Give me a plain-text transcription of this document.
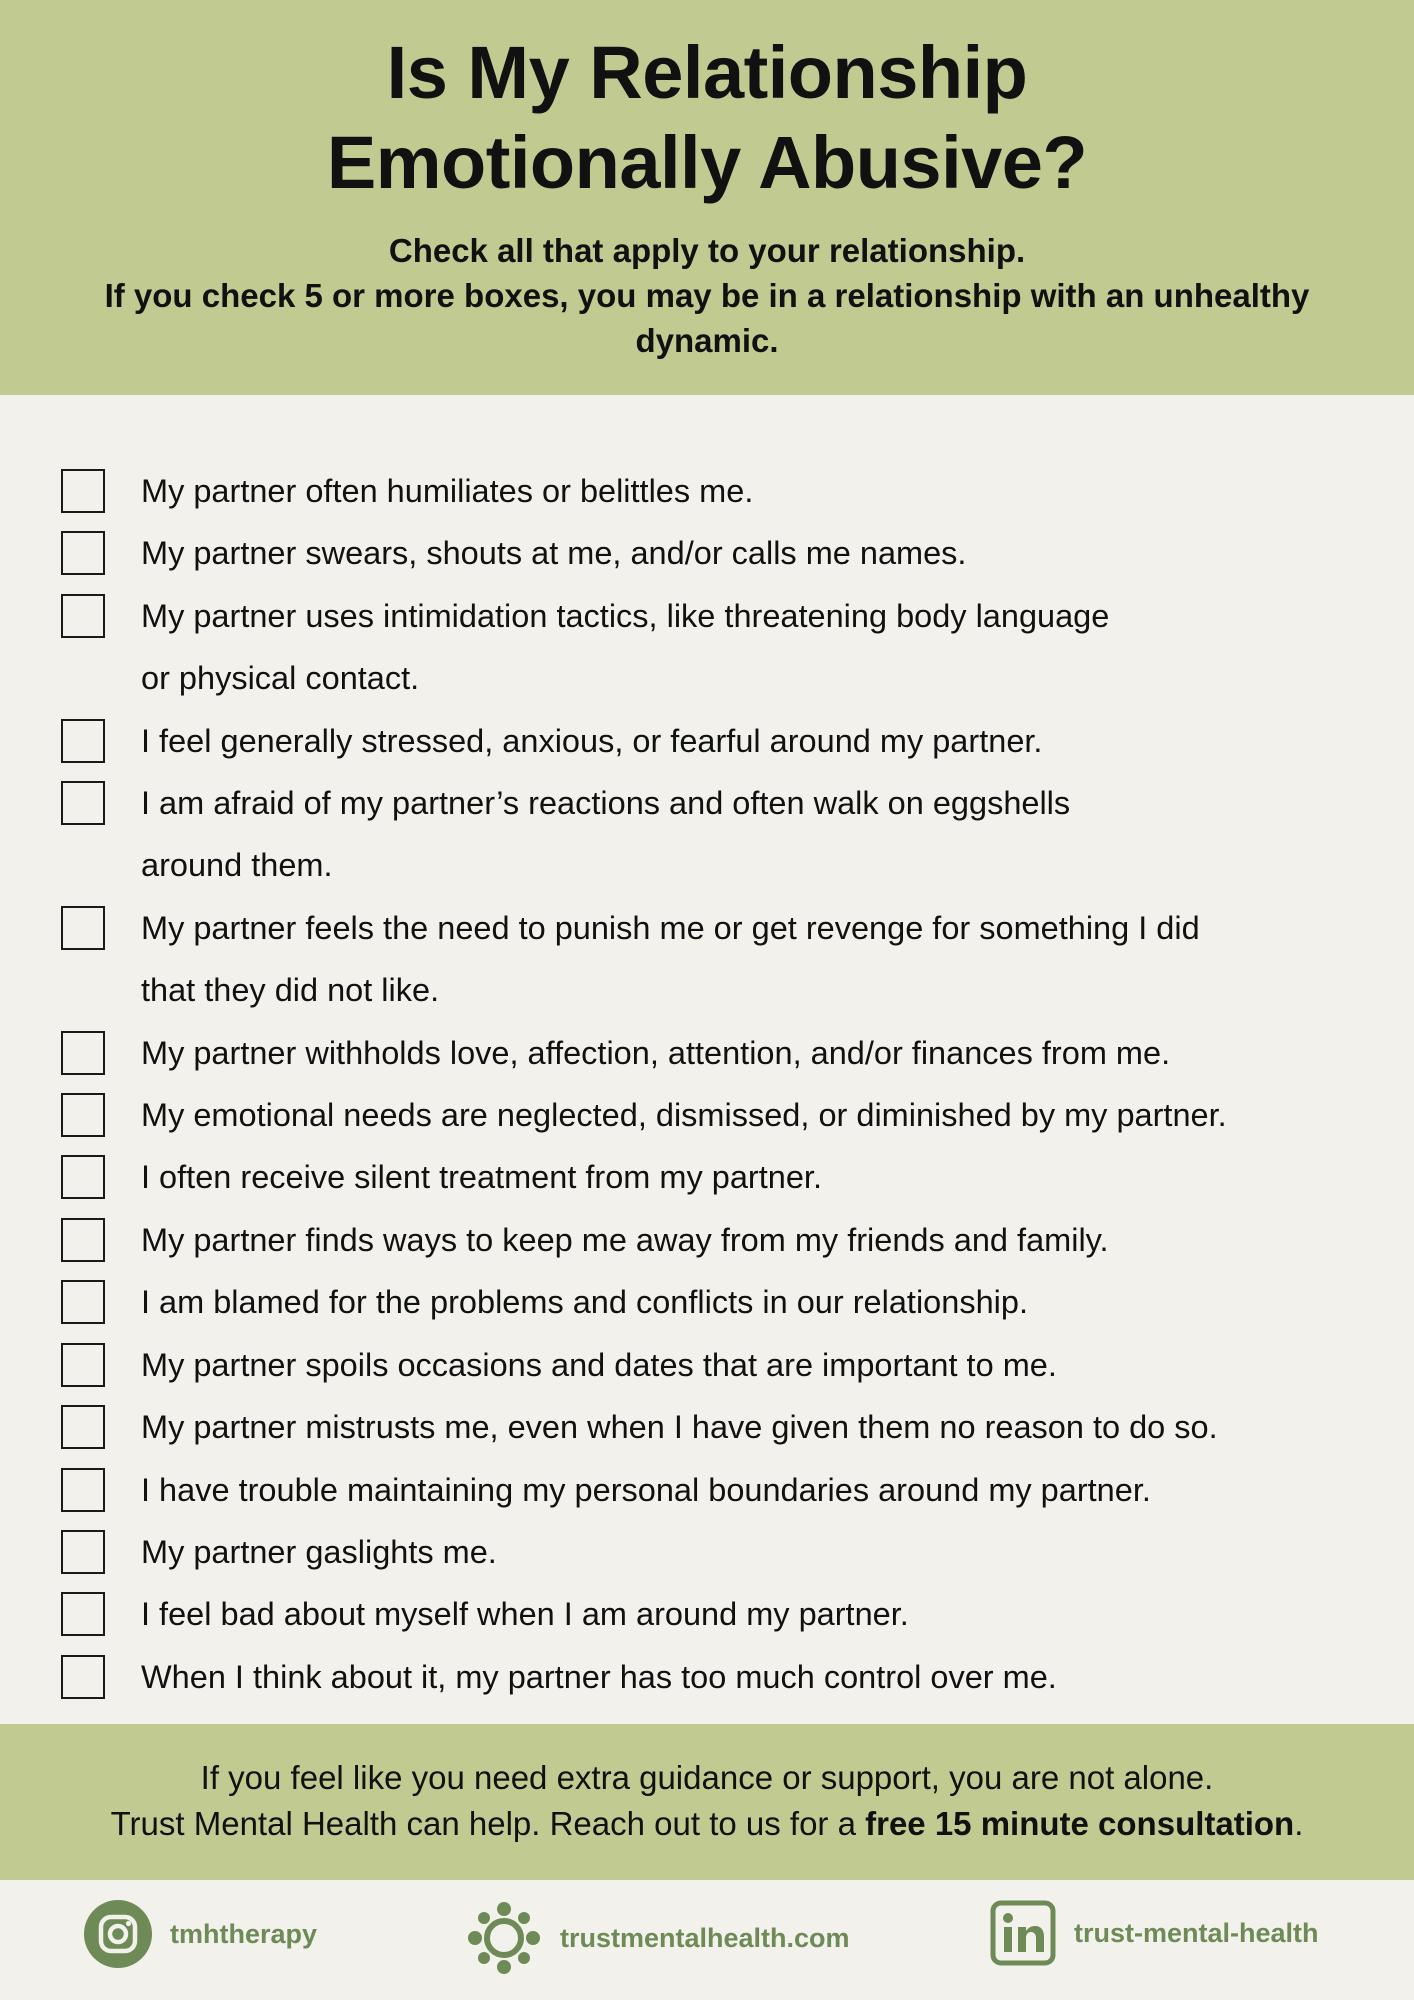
Is My Relationship
Emotionally Abusive?
Check all that apply to your relationship.
If you check 5 or more boxes, you may be in a relationship with an unhealthy
dynamic.
My partner often humiliates or belittles me.
My partner swears, shouts at me, and/or calls me names.
My partner uses intimidation tactics, like threatening body language
or physical contact.
I feel generally stressed, anxious, or fearful around my partner.
I am afraid of my partner’s reactions and often walk on eggshells
around them.
My partner feels the need to punish me or get revenge for something I did
that they did not like.
My partner withholds love, affection, attention, and/or finances from me.
My emotional needs are neglected, dismissed, or diminished by my partner.
I often receive silent treatment from my partner.
My partner finds ways to keep me away from my friends and family.
I am blamed for the problems and conflicts in our relationship.
My partner spoils occasions and dates that are important to me.
My partner mistrusts me, even when I have given them no reason to do so.
I have trouble maintaining my personal boundaries around my partner.
My partner gaslights me.
I feel bad about myself when I am around my partner.
When I think about it, my partner has too much control over me.
If you feel like you need extra guidance or support, you are not alone.
Trust Mental Health can help. Reach out to us for a free 15 minute consultation.
tmhtherapy	trustmentalhealth.com	trust-mental-health
